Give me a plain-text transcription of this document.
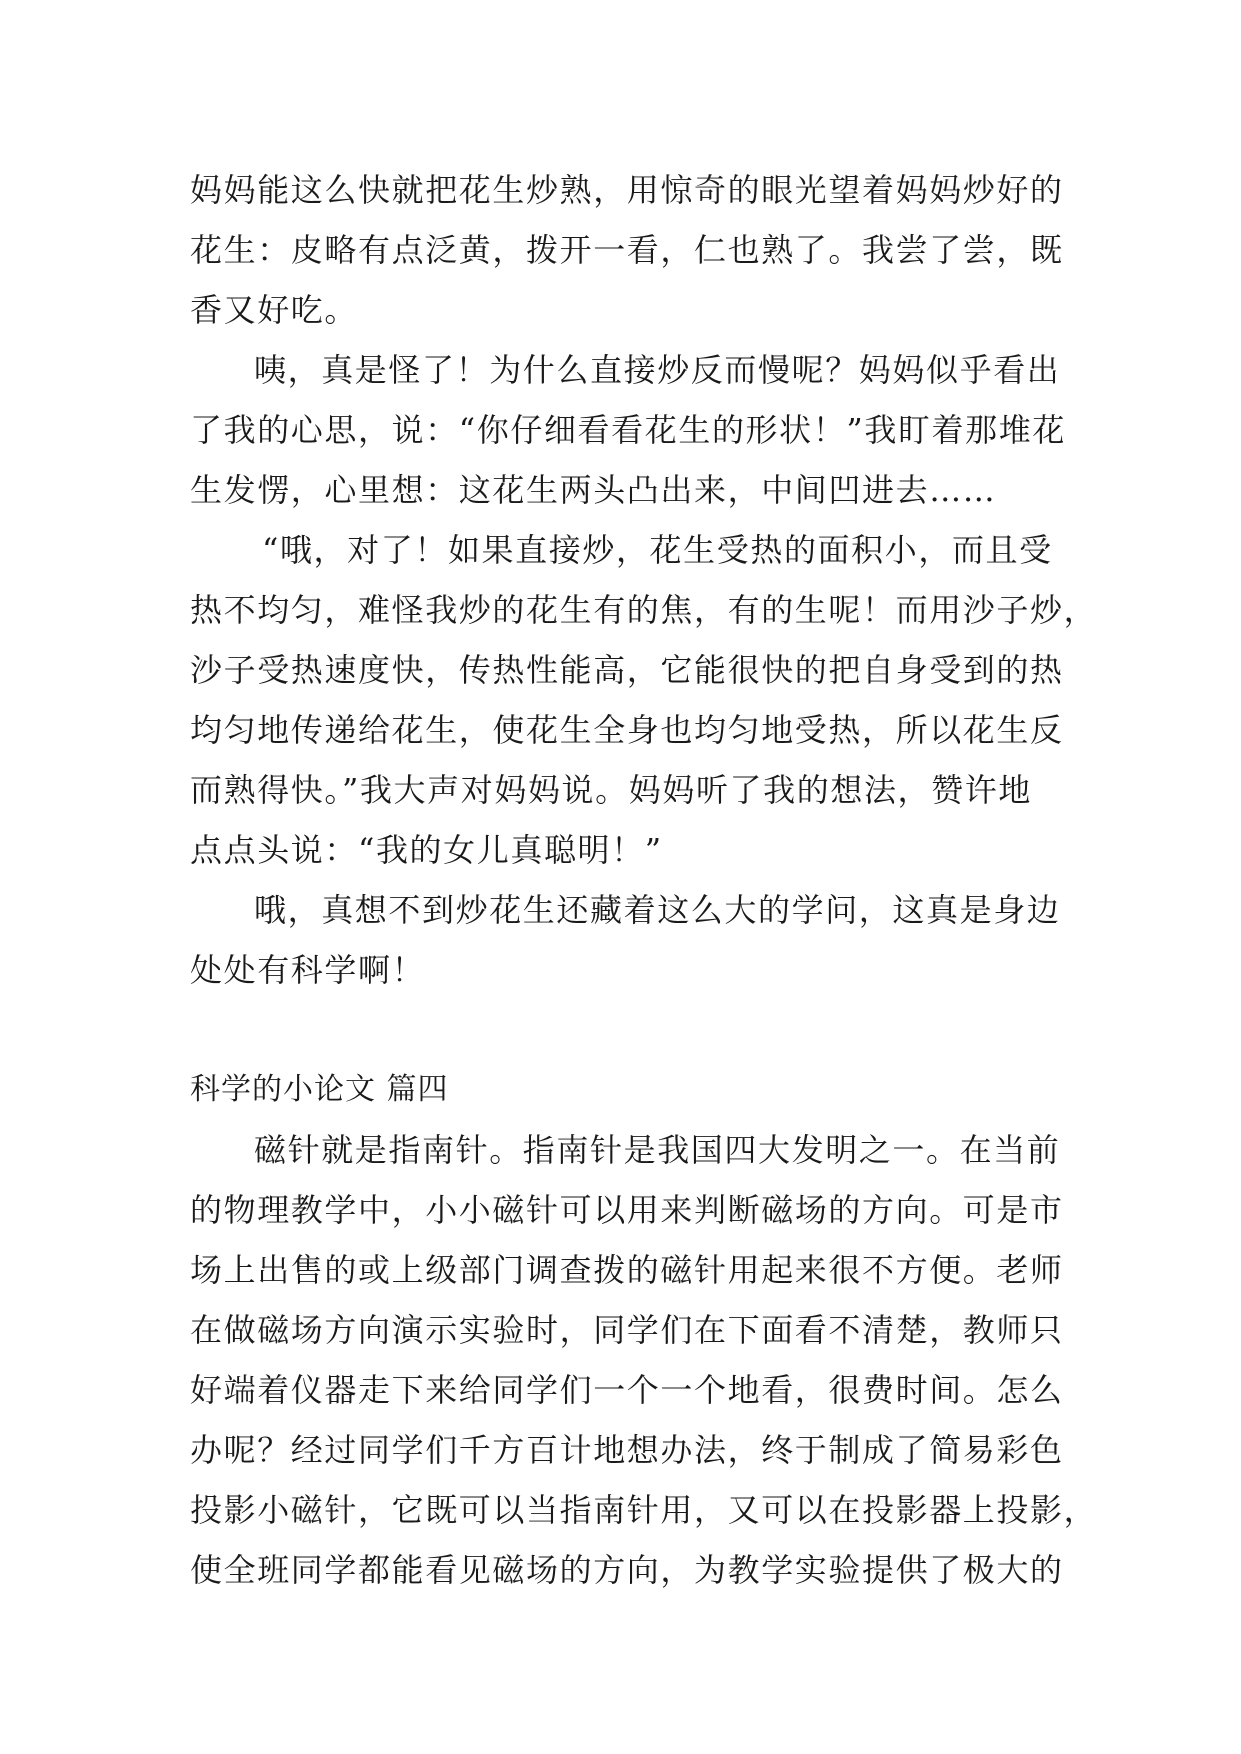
妈妈能这么快就把花生炒熟，用惊奇的眼光望着妈妈炒好的
花生：皮略有点泛黄，拨开一看，仁也熟了。我尝了尝，既
香又好吃。
咦，真是怪了！为什么直接炒反而慢呢？妈妈似乎看出
了我的心思，说：“你仔细看看花生的形状！”我盯着那堆花
生发愣，心里想：这花生两头凸出来，中间凹进去……
“哦，对了！如果直接炒，花生受热的面积小，而且受
热不均匀，难怪我炒的花生有的焦，有的生呢！而用沙子炒，
沙子受热速度快，传热性能高，它能很快的把自身受到的热
均匀地传递给花生，使花生全身也均匀地受热，所以花生反
而熟得快。”我大声对妈妈说。妈妈听了我的想法，赞许地
点点头说：“我的女儿真聪明！”
哦，真想不到炒花生还藏着这么大的学问，这真是身边
处处有科学啊！
科学的小论文 篇四
磁针就是指南针。指南针是我国四大发明之一。在当前
的物理教学中，小小磁针可以用来判断磁场的方向。可是市
场上出售的或上级部门调查拨的磁针用起来很不方便。老师
在做磁场方向演示实验时，同学们在下面看不清楚，教师只
好端着仪器走下来给同学们一个一个地看，很费时间。怎么
办呢？经过同学们千方百计地想办法，终于制成了简易彩色
投影小磁针，它既可以当指南针用，又可以在投影器上投影，
使全班同学都能看见磁场的方向，为教学实验提供了极大的
